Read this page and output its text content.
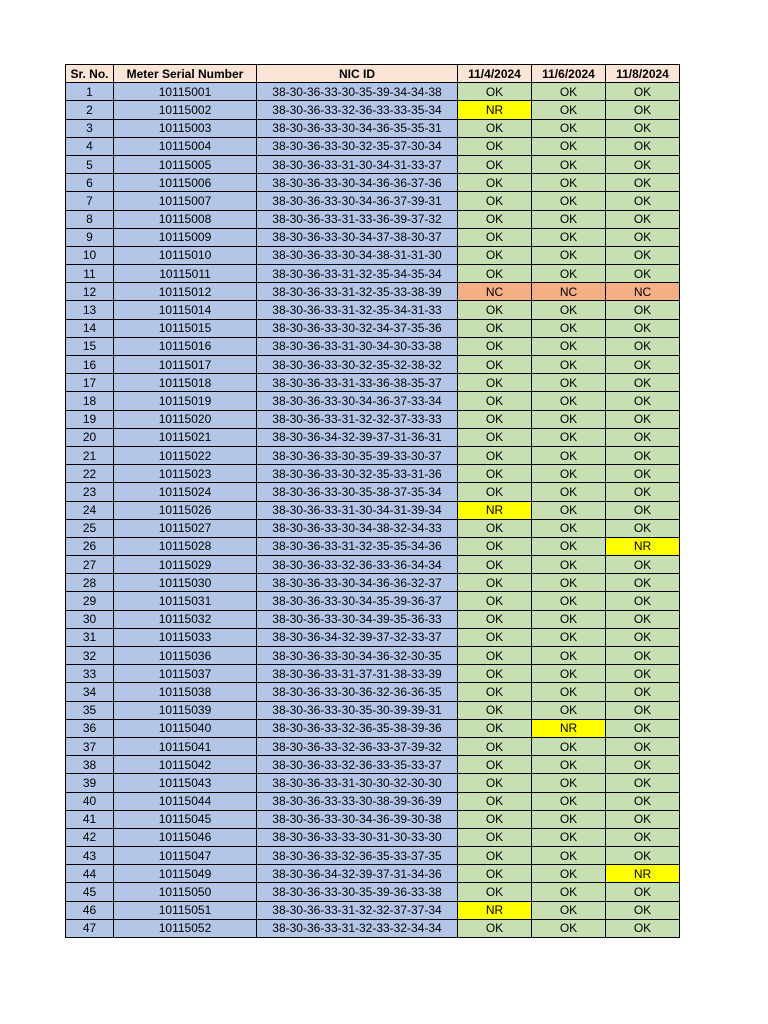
Sr. No.	Meter Serial Number	NIC ID	11/4/2024	11/6/2024	11/8/2024
1	10115001	38-30-36-33-30-35-39-34-34-38	OK	OK	OK
2	10115002	38-30-36-33-32-36-33-33-35-34	NR	OK	OK
3	10115003	38-30-36-33-30-34-36-35-35-31	OK	OK	OK
4	10115004	38-30-36-33-30-32-35-37-30-34	OK	OK	OK
5	10115005	38-30-36-33-31-30-34-31-33-37	OK	OK	OK
6	10115006	38-30-36-33-30-34-36-36-37-36	OK	OK	OK
7	10115007	38-30-36-33-30-34-36-37-39-31	OK	OK	OK
8	10115008	38-30-36-33-31-33-36-39-37-32	OK	OK	OK
9	10115009	38-30-36-33-30-34-37-38-30-37	OK	OK	OK
10	10115010	38-30-36-33-30-34-38-31-31-30	OK	OK	OK
11	10115011	38-30-36-33-31-32-35-34-35-34	OK	OK	OK
12	10115012	38-30-36-33-31-32-35-33-38-39	NC	NC	NC
13	10115014	38-30-36-33-31-32-35-34-31-33	OK	OK	OK
14	10115015	38-30-36-33-30-32-34-37-35-36	OK	OK	OK
15	10115016	38-30-36-33-31-30-34-30-33-38	OK	OK	OK
16	10115017	38-30-36-33-30-32-35-32-38-32	OK	OK	OK
17	10115018	38-30-36-33-31-33-36-38-35-37	OK	OK	OK
18	10115019	38-30-36-33-30-34-36-37-33-34	OK	OK	OK
19	10115020	38-30-36-33-31-32-32-37-33-33	OK	OK	OK
20	10115021	38-30-36-34-32-39-37-31-36-31	OK	OK	OK
21	10115022	38-30-36-33-30-35-39-33-30-37	OK	OK	OK
22	10115023	38-30-36-33-30-32-35-33-31-36	OK	OK	OK
23	10115024	38-30-36-33-30-35-38-37-35-34	OK	OK	OK
24	10115026	38-30-36-33-31-30-34-31-39-34	NR	OK	OK
25	10115027	38-30-36-33-30-34-38-32-34-33	OK	OK	OK
26	10115028	38-30-36-33-31-32-35-35-34-36	OK	OK	NR
27	10115029	38-30-36-33-32-36-33-36-34-34	OK	OK	OK
28	10115030	38-30-36-33-30-34-36-36-32-37	OK	OK	OK
29	10115031	38-30-36-33-30-34-35-39-36-37	OK	OK	OK
30	10115032	38-30-36-33-30-34-39-35-36-33	OK	OK	OK
31	10115033	38-30-36-34-32-39-37-32-33-37	OK	OK	OK
32	10115036	38-30-36-33-30-34-36-32-30-35	OK	OK	OK
33	10115037	38-30-36-33-31-37-31-38-33-39	OK	OK	OK
34	10115038	38-30-36-33-30-36-32-36-36-35	OK	OK	OK
35	10115039	38-30-36-33-30-35-30-39-39-31	OK	OK	OK
36	10115040	38-30-36-33-32-36-35-38-39-36	OK	NR	OK
37	10115041	38-30-36-33-32-36-33-37-39-32	OK	OK	OK
38	10115042	38-30-36-33-32-36-33-35-33-37	OK	OK	OK
39	10115043	38-30-36-33-31-30-30-32-30-30	OK	OK	OK
40	10115044	38-30-36-33-33-30-38-39-36-39	OK	OK	OK
41	10115045	38-30-36-33-30-34-36-39-30-38	OK	OK	OK
42	10115046	38-30-36-33-33-30-31-30-33-30	OK	OK	OK
43	10115047	38-30-36-33-32-36-35-33-37-35	OK	OK	OK
44	10115049	38-30-36-34-32-39-37-31-34-36	OK	OK	NR
45	10115050	38-30-36-33-30-35-39-36-33-38	OK	OK	OK
46	10115051	38-30-36-33-31-32-32-37-37-34	NR	OK	OK
47	10115052	38-30-36-33-31-32-33-32-34-34	OK	OK	OK
